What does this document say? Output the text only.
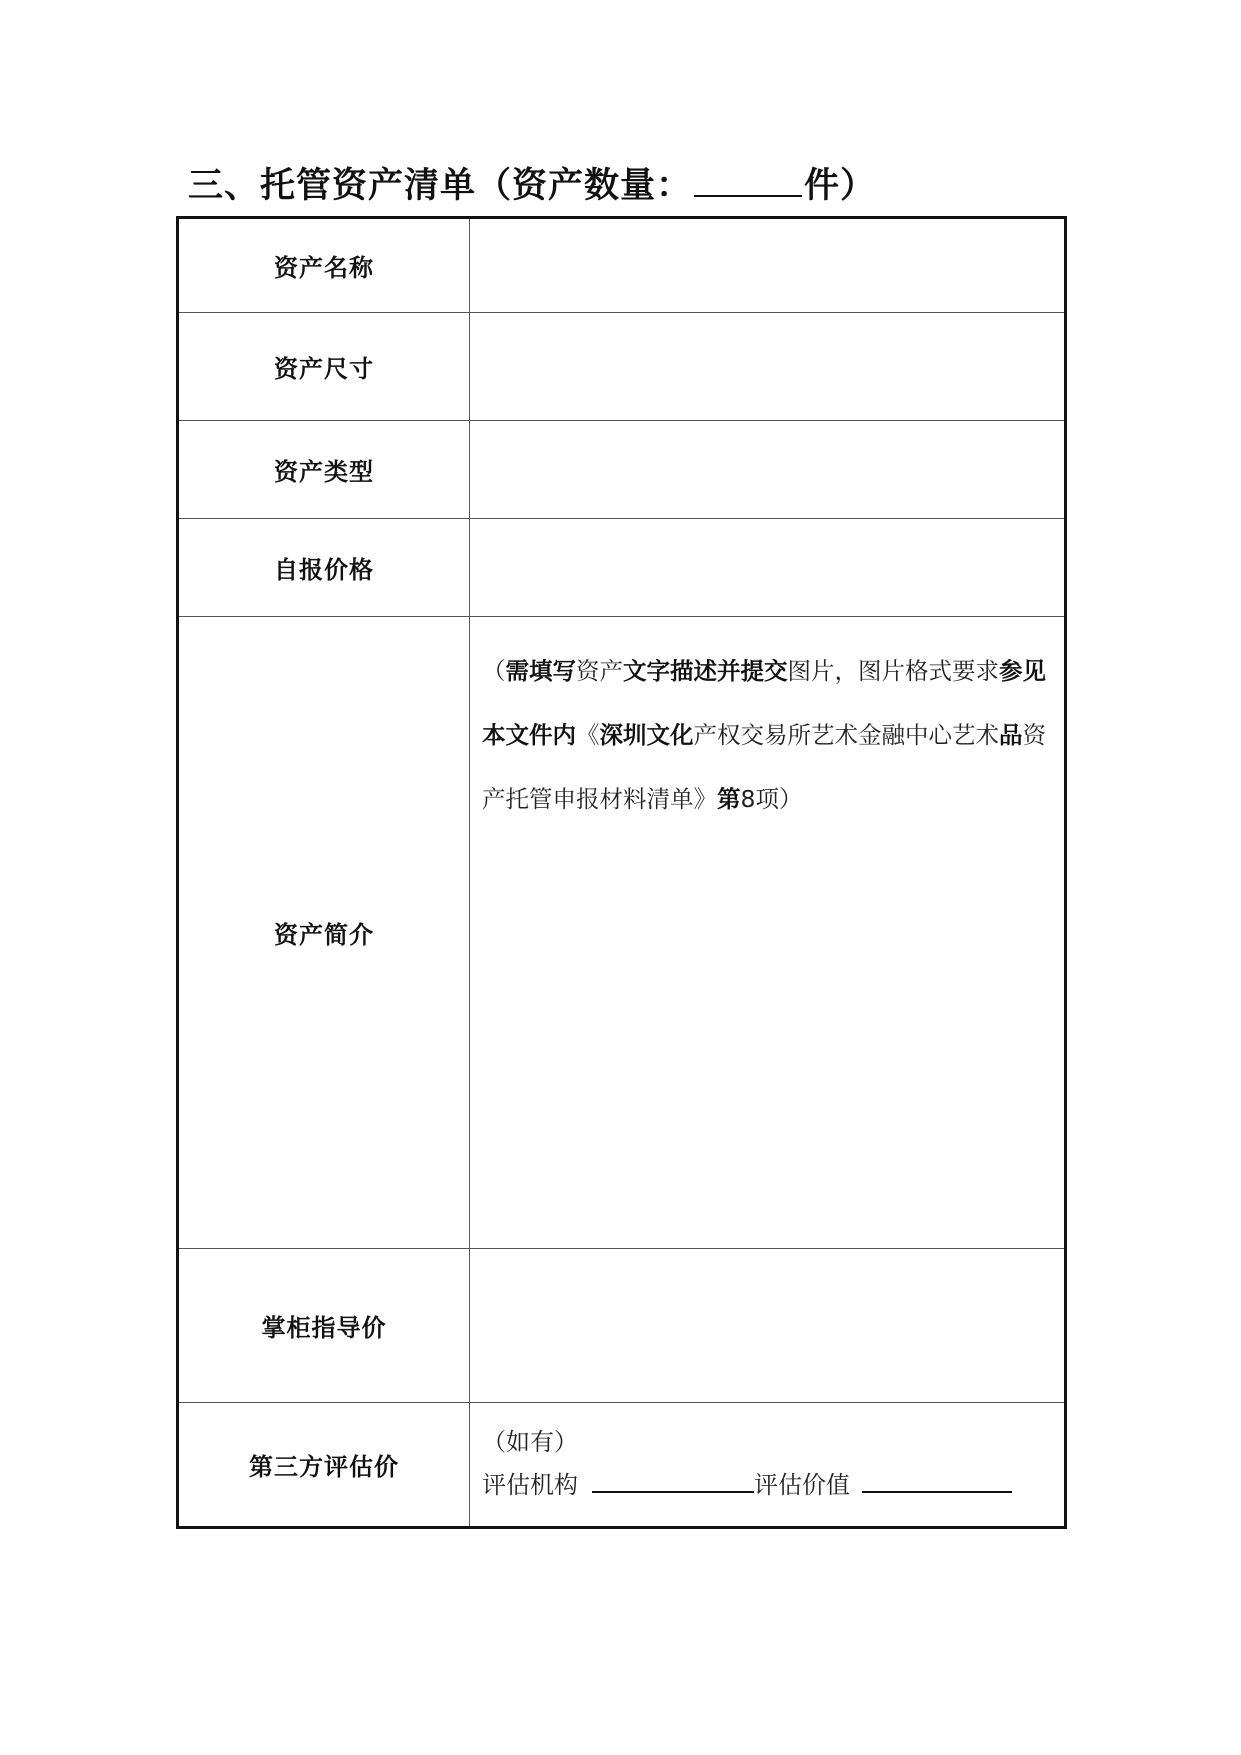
三、托管资产清单（资产数量：	件）
资产名称	
资产尺寸	
资产类型	
自报价格	
资产简介	（需填写资产文字描述并提交图片，图片格式要求参见本文件内《深圳文化产权交易所艺术金融中心艺术品资产托管申报材料清单》第8项）

掌柜指导价	
第三方评估价	（如有）
评估机构 评估价值
